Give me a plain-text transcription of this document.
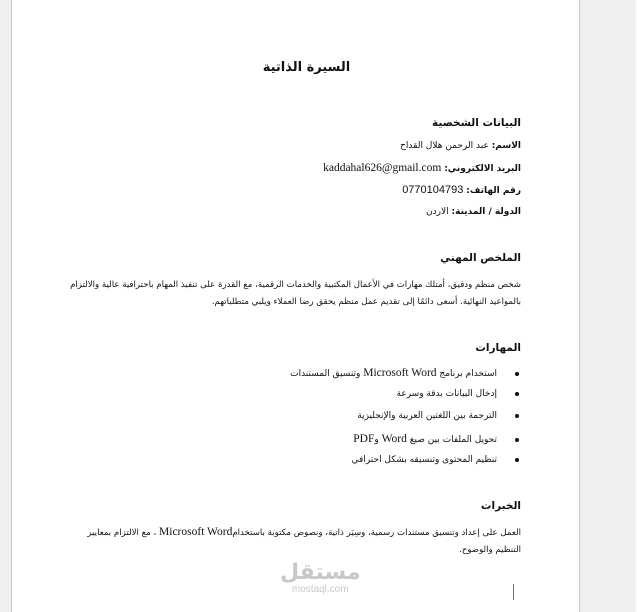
السيرة الذاتية
البيانات الشخصية
الاسم: عبد الرحمن هلال القداح
البريد الالكتروني: kaddahal626@gmail.com
رقم الهاتف: 0770104793
الدولة / المدينة: الاردن
الملخص المهني
شخص منظم ودقيق، أمتلك مهارات في الأعمال المكتبية والخدمات الرقمية، مع القدرة على تنفيذ المهام باحترافية عالية والالتزام
بالمواعيد النهائية. أسعى دائمًا إلى تقديم عمل منظم يحقق رضا العملاء ويلبي متطلباتهم.
المهارات
استخدام برنامج Microsoft Word وتنسيق المستندات
إدخال البيانات بدقة وسرعة
الترجمة بين اللغتين العربية والإنجليزية
تحويل الملفات بين صيغ Word وPDF
تنظيم المحتوى وتنسيقه بشكل احترافي
الخبرات
العمل على إعداد وتنسيق مستندات رسمية، وسِيَر ذاتية، ونصوص مكتوبة باستخدامMicrosoft Word ، مع الالتزام بمعايير
التنظيم والوضوح.
مستقل
mostaql.com
